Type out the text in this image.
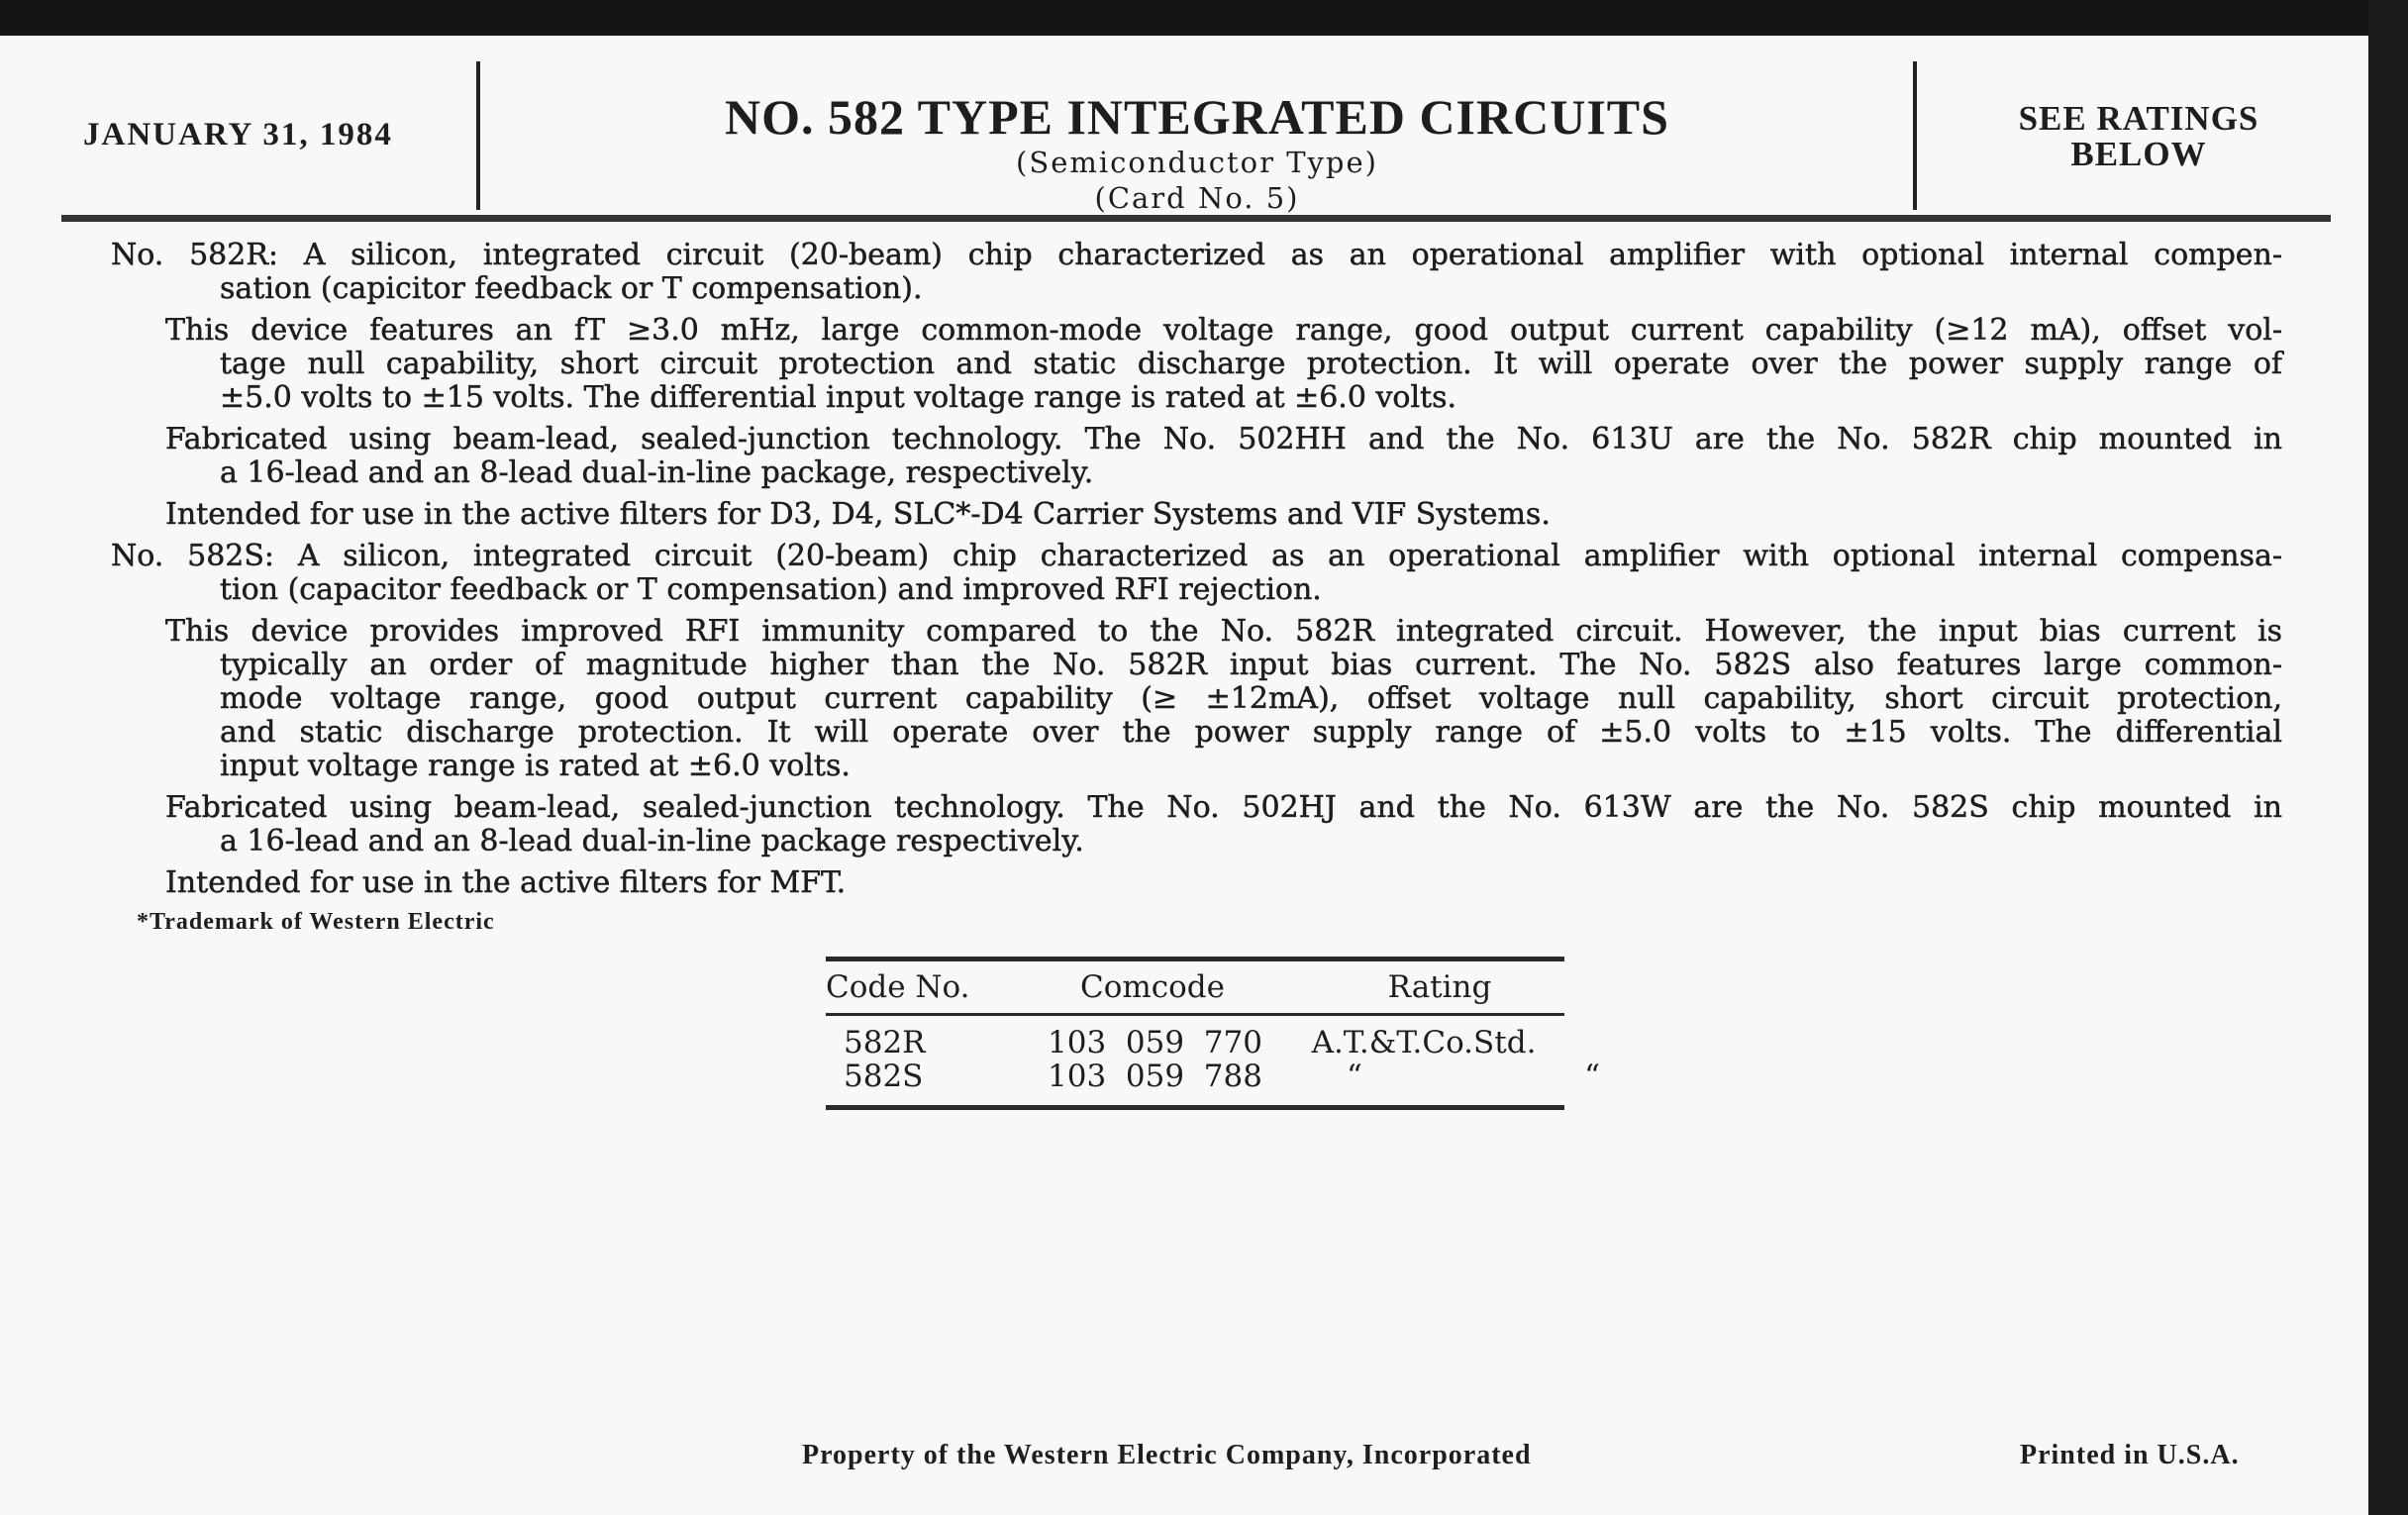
JANUARY 31, 1984	NO. 582 TYPE INTEGRATED CIRCUITS
(Semiconductor Type)
(Card No. 5)
SEE RATINGS
BELOW
No. 582R: A silicon, integrated circuit (20-beam) chip characterized as an operational amplifier with optional internal compen-
sation (capicitor feedback or T compensation).
This device features an fT ≥3.0 mHz, large common-mode voltage range, good output current capability (≥12 mA), offset vol-
tage null capability, short circuit protection and static discharge protection. It will operate over the power supply range of
±5.0 volts to ±15 volts. The differential input voltage range is rated at ±6.0 volts.
Fabricated using beam-lead, sealed-junction technology. The No. 502HH and the No. 613U are the No. 582R chip mounted in
a 16-lead and an 8-lead dual-in-line package, respectively.
Intended for use in the active filters for D3, D4, SLC*-D4 Carrier Systems and VIF Systems.
No. 582S: A silicon, integrated circuit (20-beam) chip characterized as an operational amplifier with optional internal compensa-
tion (capacitor feedback or T compensation) and improved RFI rejection.
This device provides improved RFI immunity compared to the No. 582R integrated circuit. However, the input bias current is
typically an order of magnitude higher than the No. 582R input bias current. The No. 582S also features large common-
mode voltage range, good output current capability (≥ ±12mA), offset voltage null capability, short circuit protection,
and static discharge protection. It will operate over the power supply range of ±5.0 volts to ±15 volts. The differential
input voltage range is rated at ±6.0 volts.
Fabricated using beam-lead, sealed-junction technology. The No. 502HJ and the No. 613W are the No. 582S chip mounted in
a 16-lead and an 8-lead dual-in-line package respectively.
Intended for use in the active filters for MFT.
*Trademark of Western Electric
Code No.	Comcode	Rating
582R	103  059  770	A.T.&T.Co.Std.
582S	103  059  788	“	“
Property of the Western Electric Company, Incorporated	Printed in U.S.A.
